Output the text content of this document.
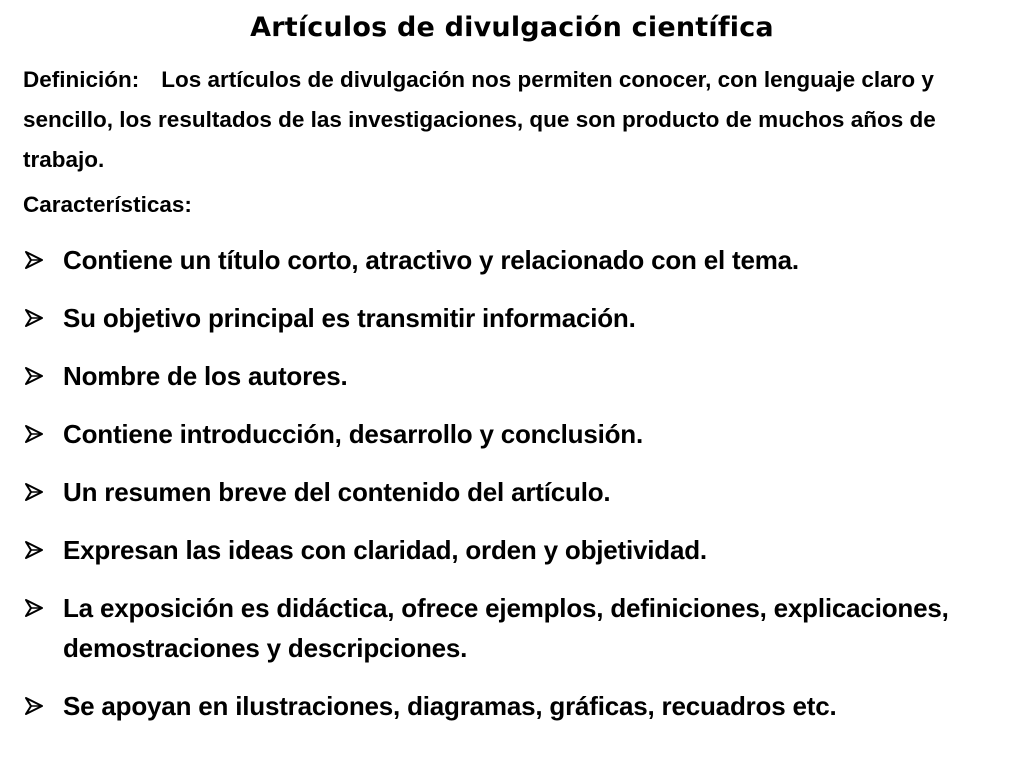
Artículos de divulgación científica
Definición: Los artículos de divulgación nos permiten conocer, con lenguaje claro y sencillo, los resultados de las investigaciones, que son producto de muchos años de trabajo.
Características:
Contiene un título corto, atractivo y relacionado con el tema.
Su objetivo principal es transmitir información.
Nombre de los autores.
Contiene introducción, desarrollo y conclusión.
Un resumen breve del contenido del artículo.
Expresan las ideas con claridad, orden y objetividad.
La exposición es didáctica, ofrece ejemplos, definiciones, explicaciones, demostraciones y descripciones.
Se apoyan en ilustraciones, diagramas, gráficas, recuadros etc.
